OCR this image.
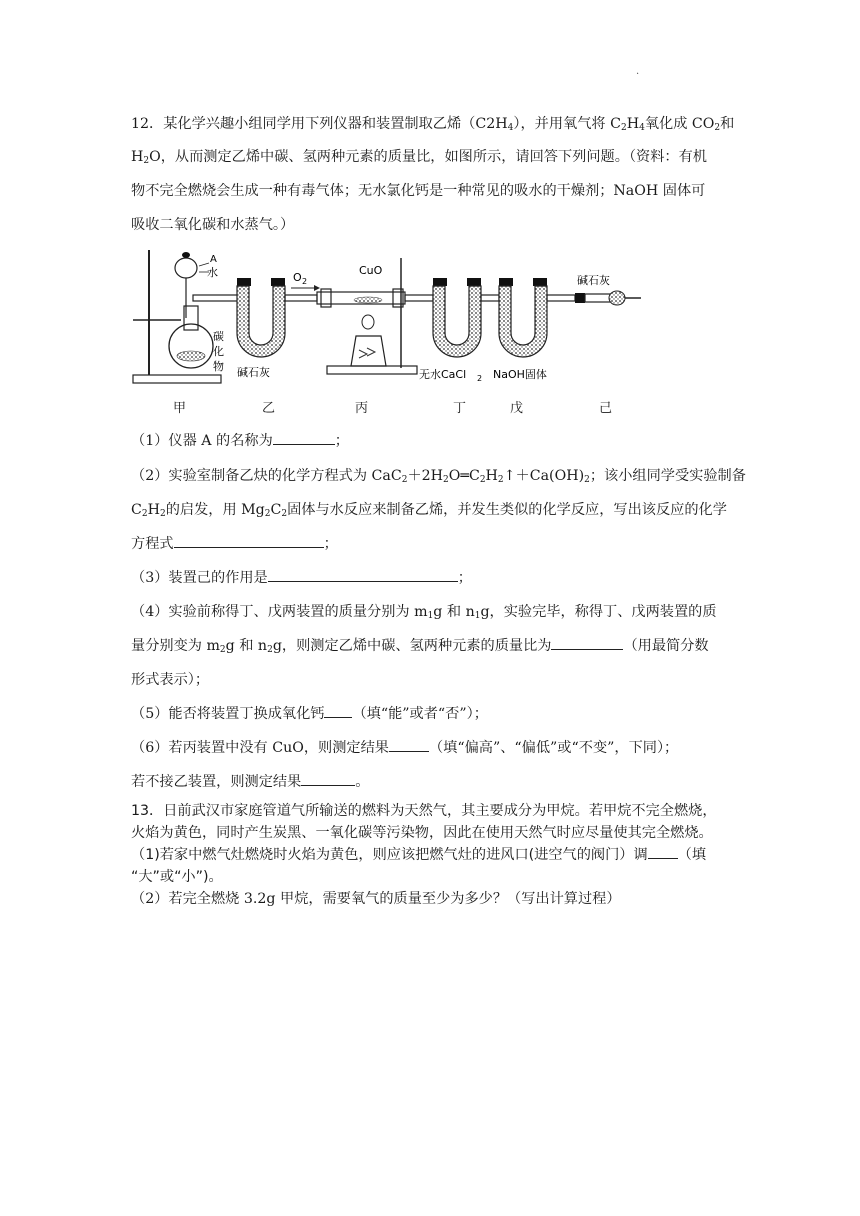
.
12．某化学兴趣小组同学用下列仪器和装置制取乙烯$(C2H_4)$，并用氧气将 $C_2H_4$氧化成 $CO_2$和
$H_2O$，从而测定乙烯中碳、氢两种元素的质量比，如图所示，请回答下列问题。（资料：有机
物不完全燃烧会生成一种有毒气体；无水氯化钙是一种常见的吸水的干燥剂；NaOH 固体可
吸收二氧化碳和水蒸气。）
A
水
碳
化
物 碱石灰
O 2
CuO
无水CaCl 2 NaOH固体
碱石灰
甲	乙	丙	丁	戊	己
（1）仪器 A 的名称为	；
（2）实验室制备乙炔的化学方程式为 $CaC_2+2H_2O═C_2H_2↑+Ca(OH)_2$；该小组同学受实验制备
$C_2H_2$的启发，用 $Mg_2C_2$固体与水反应来制备乙烯，并发生类似的化学反应，写出该反应的化学
方程式	；
（3）装置己的作用是	；
（4）实验前称得丁、戊两装置的质量分别为 $m_1g$ 和 $n_1g$，实验完毕，称得丁、戊两装置的质
量分别变为 $m_2g$ 和 $n_2g$，则测定乙烯中碳、氢两种元素的质量比为	（用最简分数
形式表示）；
（5）能否将装置丁换成氧化钙 （填“能”或者“否”）；
（6）若丙装置中没有 CuO，则测定结果	（填“偏高”、“偏低”或“不变”，下同）；
若不接乙装置，则测定结果	。
13．日前武汉市家庭管道气所输送的燃料为天然气，其主要成分为甲烷。若甲烷不完全燃烧，
火焰为黄色，同时产生炭黑、一氧化碳等污染物，因此在使用天然气时应尽量使其完全燃烧。
（1)若家中燃气灶燃烧时火焰为黄色，则应该把燃气灶的进风口(进空气的阀门）调 （填
“大”或“小”)。
（2）若完全燃烧 3.2g 甲烷，需要氧气的质量至少为多少？（写出计算过程）
